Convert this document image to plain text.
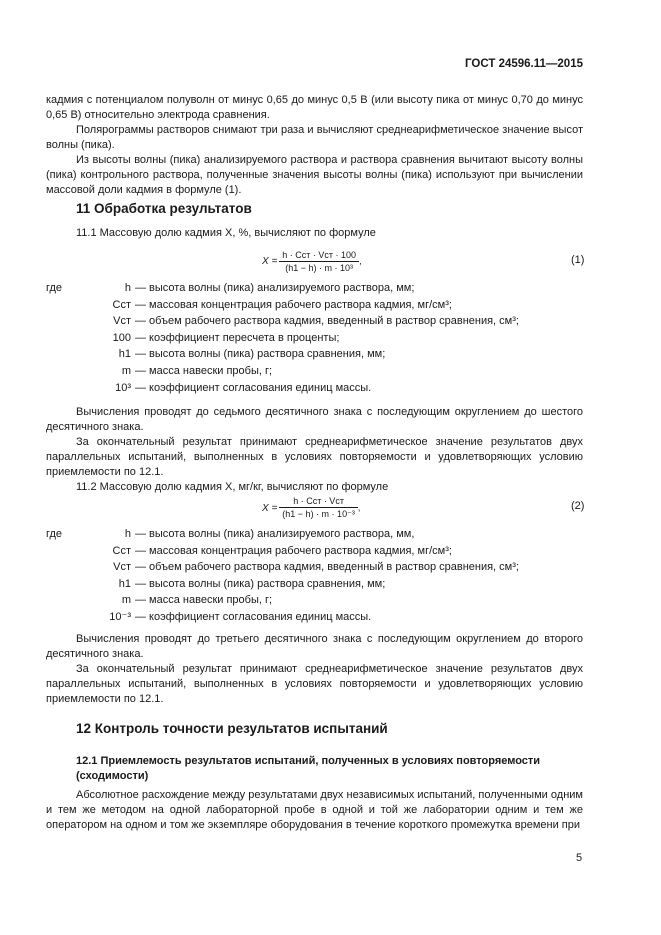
ГОСТ 24596.11—2015

кадмия с потенциалом полуволн от минус 0,65 до минус 0,5 В (или высоту пика от минус 0,70 до минус 0,65 В) относительно электрода сравнения.

Полярограммы растворов снимают три раза и вычисляют среднеарифметическое значение высот волны (пика).

Из высоты волны (пика) анализируемого раствора и раствора сравнения вычитают высоту волны (пика) контрольного раствора, полученные значения высоты волны (пика) используют при вычислении массовой доли кадмия в формуле (1).

11 Обработка результатов

11.1 Массовую долю кадмия X, %, вычисляют по формуле

$X = \frac{\text{h · Cст · Vст · 100}}{\text{(h1 − h) · m · 10³}}$ ,	(1)
где	h — высота волны (пика) анализируемого раствора, мм;
Cст — массовая концентрация рабочего раствора кадмия, мг/см³;
Vст — объем рабочего раствора кадмия, введенный в раствор сравнения, см³;
100 — коэффициент пересчета в проценты;
h1 — высота волны (пика) раствора сравнения, мм;
m — масса навески пробы, г;
10³ — коэффициент согласования единиц массы.

Вычисления проводят до седьмого десятичного знака с последующим округлением до шестого десятичного знака.

За окончательный результат принимают среднеарифметическое значение результатов двух параллельных испытаний, выполненных в условиях повторяемости и удовлетворяющих условию приемлемости по 12.1.

11.2 Массовую долю кадмия X, мг/кг, вычисляют по формуле

$X = \frac{\text{h · Cст · Vст}}{\text{(h1 − h) · m · 10⁻³}}$ ,	(2)
где	h — высота волны (пика) анализируемого раствора, мм,
Cст — массовая концентрация рабочего раствора кадмия, мг/см³;
Vст — объем рабочего раствора кадмия, введенный в раствор сравнения, см³;
h1 — высота волны (пика) раствора сравнения, мм;
m — масса навески пробы, г;
10⁻³ — коэффициент согласования единиц массы.

Вычисления проводят до третьего десятичного знака с последующим округлением до второго десятичного знака.

За окончательный результат принимают среднеарифметическое значение результатов двух параллельных испытаний, выполненных в условиях повторяемости и удовлетворяющих условию приемлемости по 12.1.

12 Контроль точности результатов испытаний
12.1 Приемлемость результатов испытаний, полученных в условиях повторяемости (сходимости)

Абсолютное расхождение между результатами двух независимых испытаний, полученными одним и тем же методом на одной лабораторной пробе в одной и той же лаборатории одним и тем же оператором на одном и том же экземпляре оборудования в течение короткого промежутка времени при

5
